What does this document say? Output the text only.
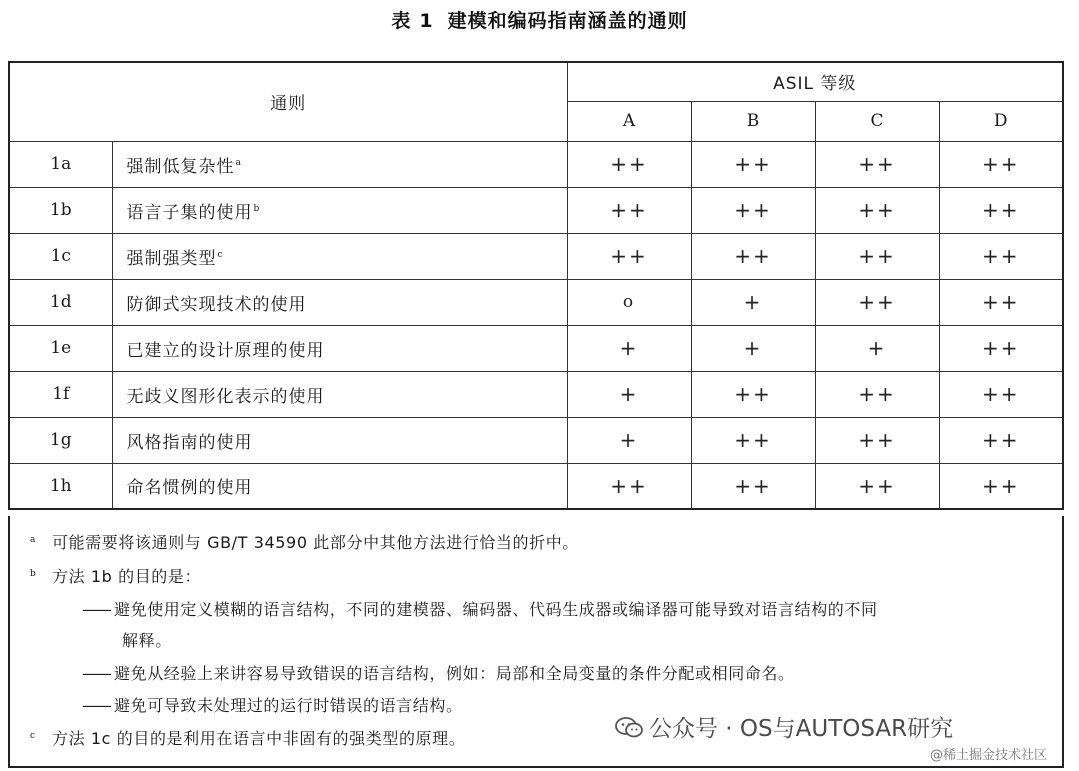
表 1 建模和编码指南涵盖的通则
通则		ASIL 等级			
		A	B	C	D
1a	强制低复杂性$^a$	++	++	++	++
1b	语言子集的使用$^b$	++	++	++	++
1c	强制强类型$^c$	++	++	++	++
1d	防御式实现技术的使用	o	+	++	++
1e	已建立的设计原理的使用	+	+	+	++
1f	无歧义图形化表示的使用	+	++	++	++
1g	风格指南的使用	+	++	++	++
1h	命名惯例的使用	++	++	++	++
a 可能需要将该通则与 GB/T 34590 此部分中其他方法进行恰当的折中。
b 方法 1b 的目的是：
—— 避免使用定义模糊的语言结构，不同的建模器、编码器、代码生成器或编译器可能导致对语言结构的不同
解释。
—— 避免从经验上来讲容易导致错误的语言结构，例如：局部和全局变量的条件分配或相同命名。
—— 避免可导致未处理过的运行时错误的语言结构。
c 方法 1c 的目的是利用在语言中非固有的强类型的原理。	公众号 · OS与AUTOSAR研究
@稀土掘金技术社区
